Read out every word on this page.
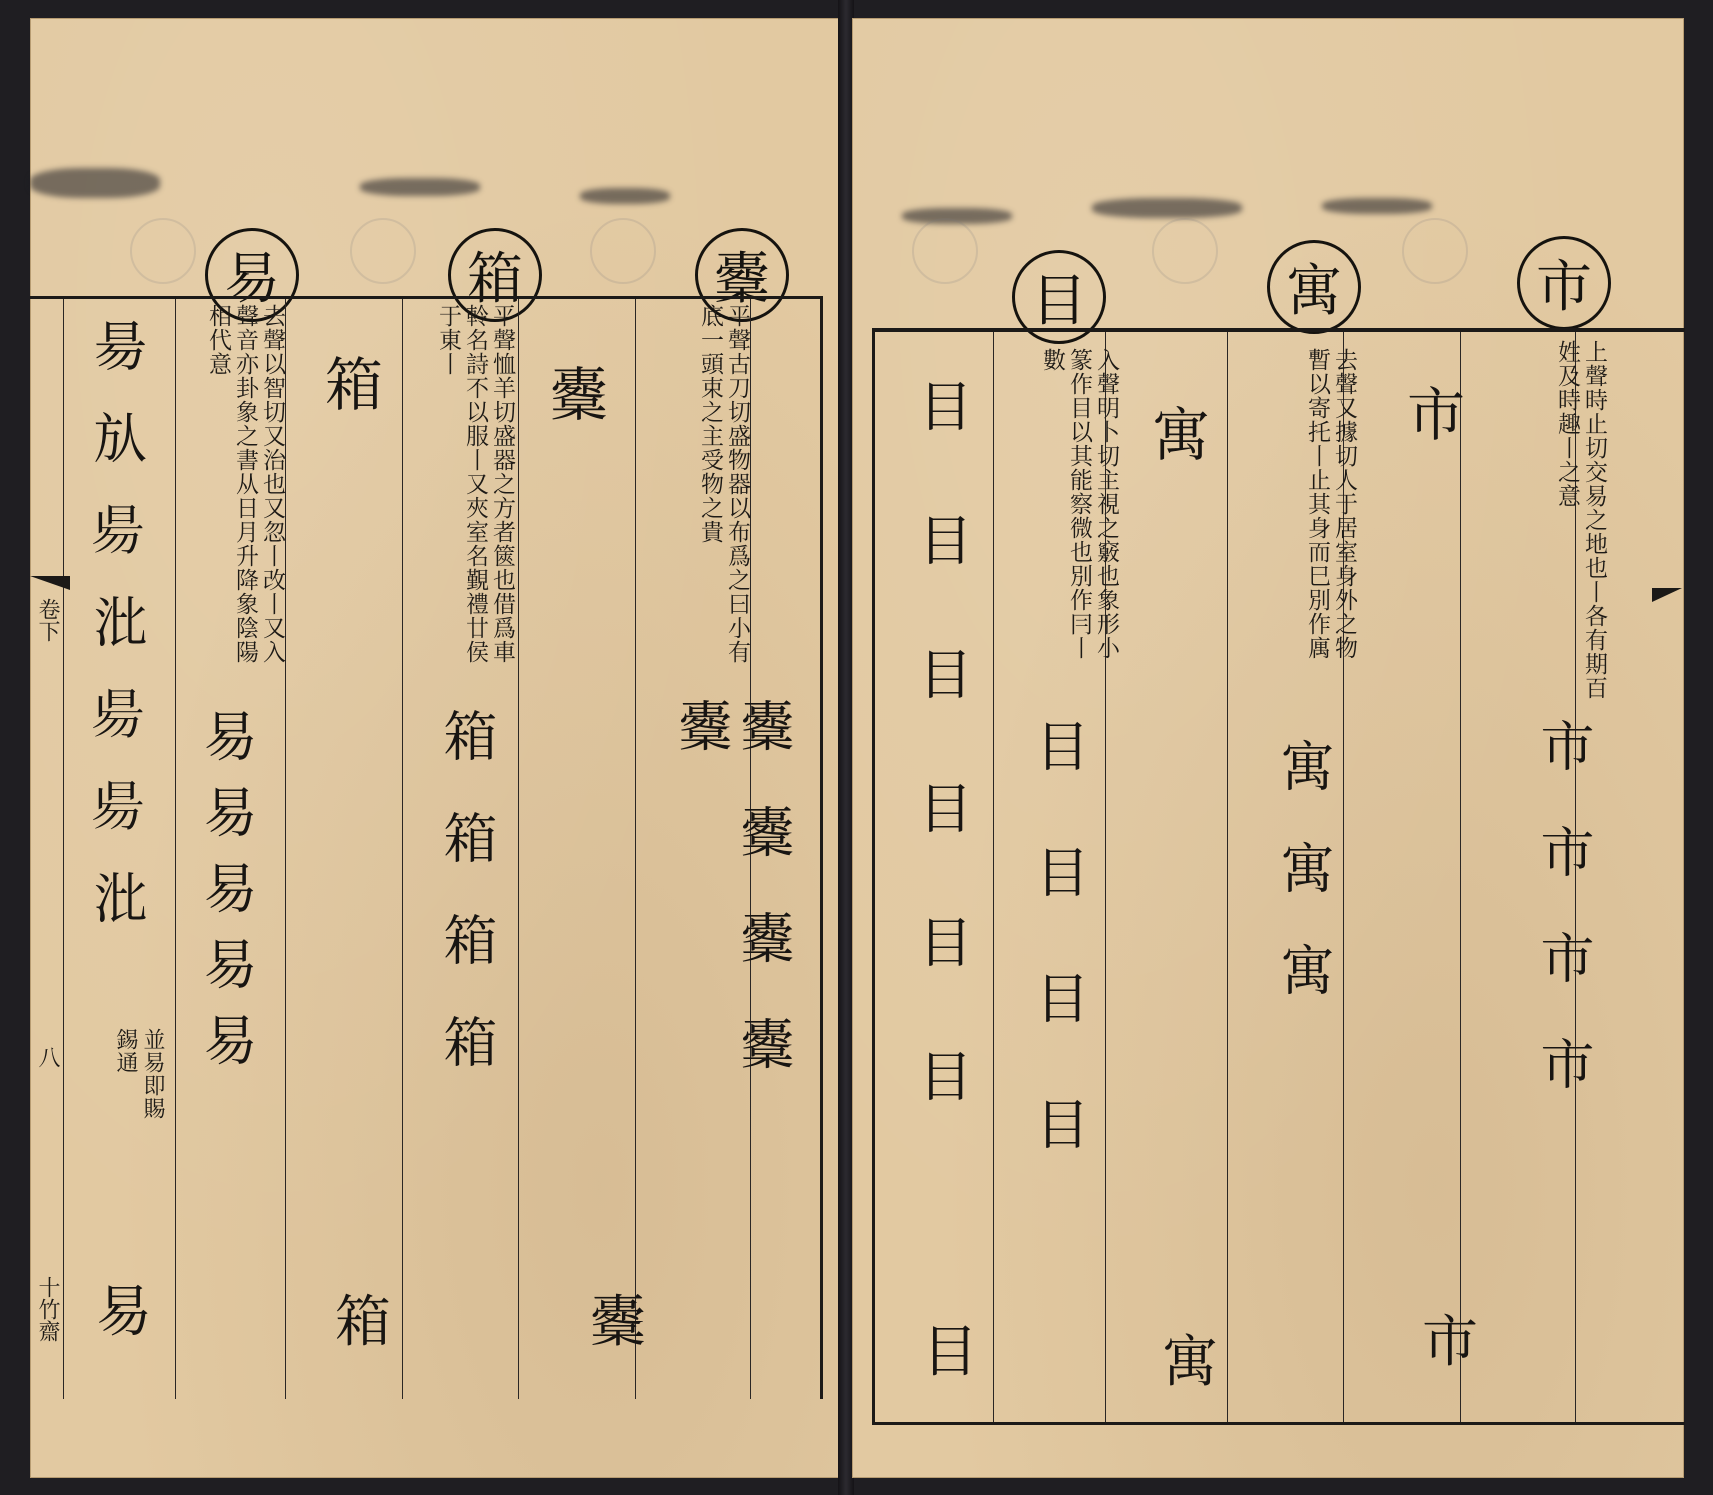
易	箱	櫜
去聲以智切又治也又忽丨改丨又入聲音亦卦象之書从日月升降象陰陽相代意
易易易易易
易
昜㫃𣆄沘𣆄𣆄沘
並易即賜錫通
箱	平聲恤羊切盛器之方者篋也借爲車軨名詩不以服丨又夾室名覲禮廿侯于東丨
箱箱箱箱
箱
櫜	平聲古刀切盛物器以布爲之曰小有底一頭束之主受物之貴
櫜櫜櫜櫜櫜
櫜
卷下
八
十竹齋
目	寓	市
目目目目目目	入聲明卜切主視之竅也象形小篆作目以其能察微也別作冃丨數
目目目目
目
寓	去聲又據切人于居室身外之物暫以寄托丨止其身而巳別作庽
寓寓寓
寓
市	上聲時止切交易之地也丨各有期百姓及時趣丨之意
市市市市
市
